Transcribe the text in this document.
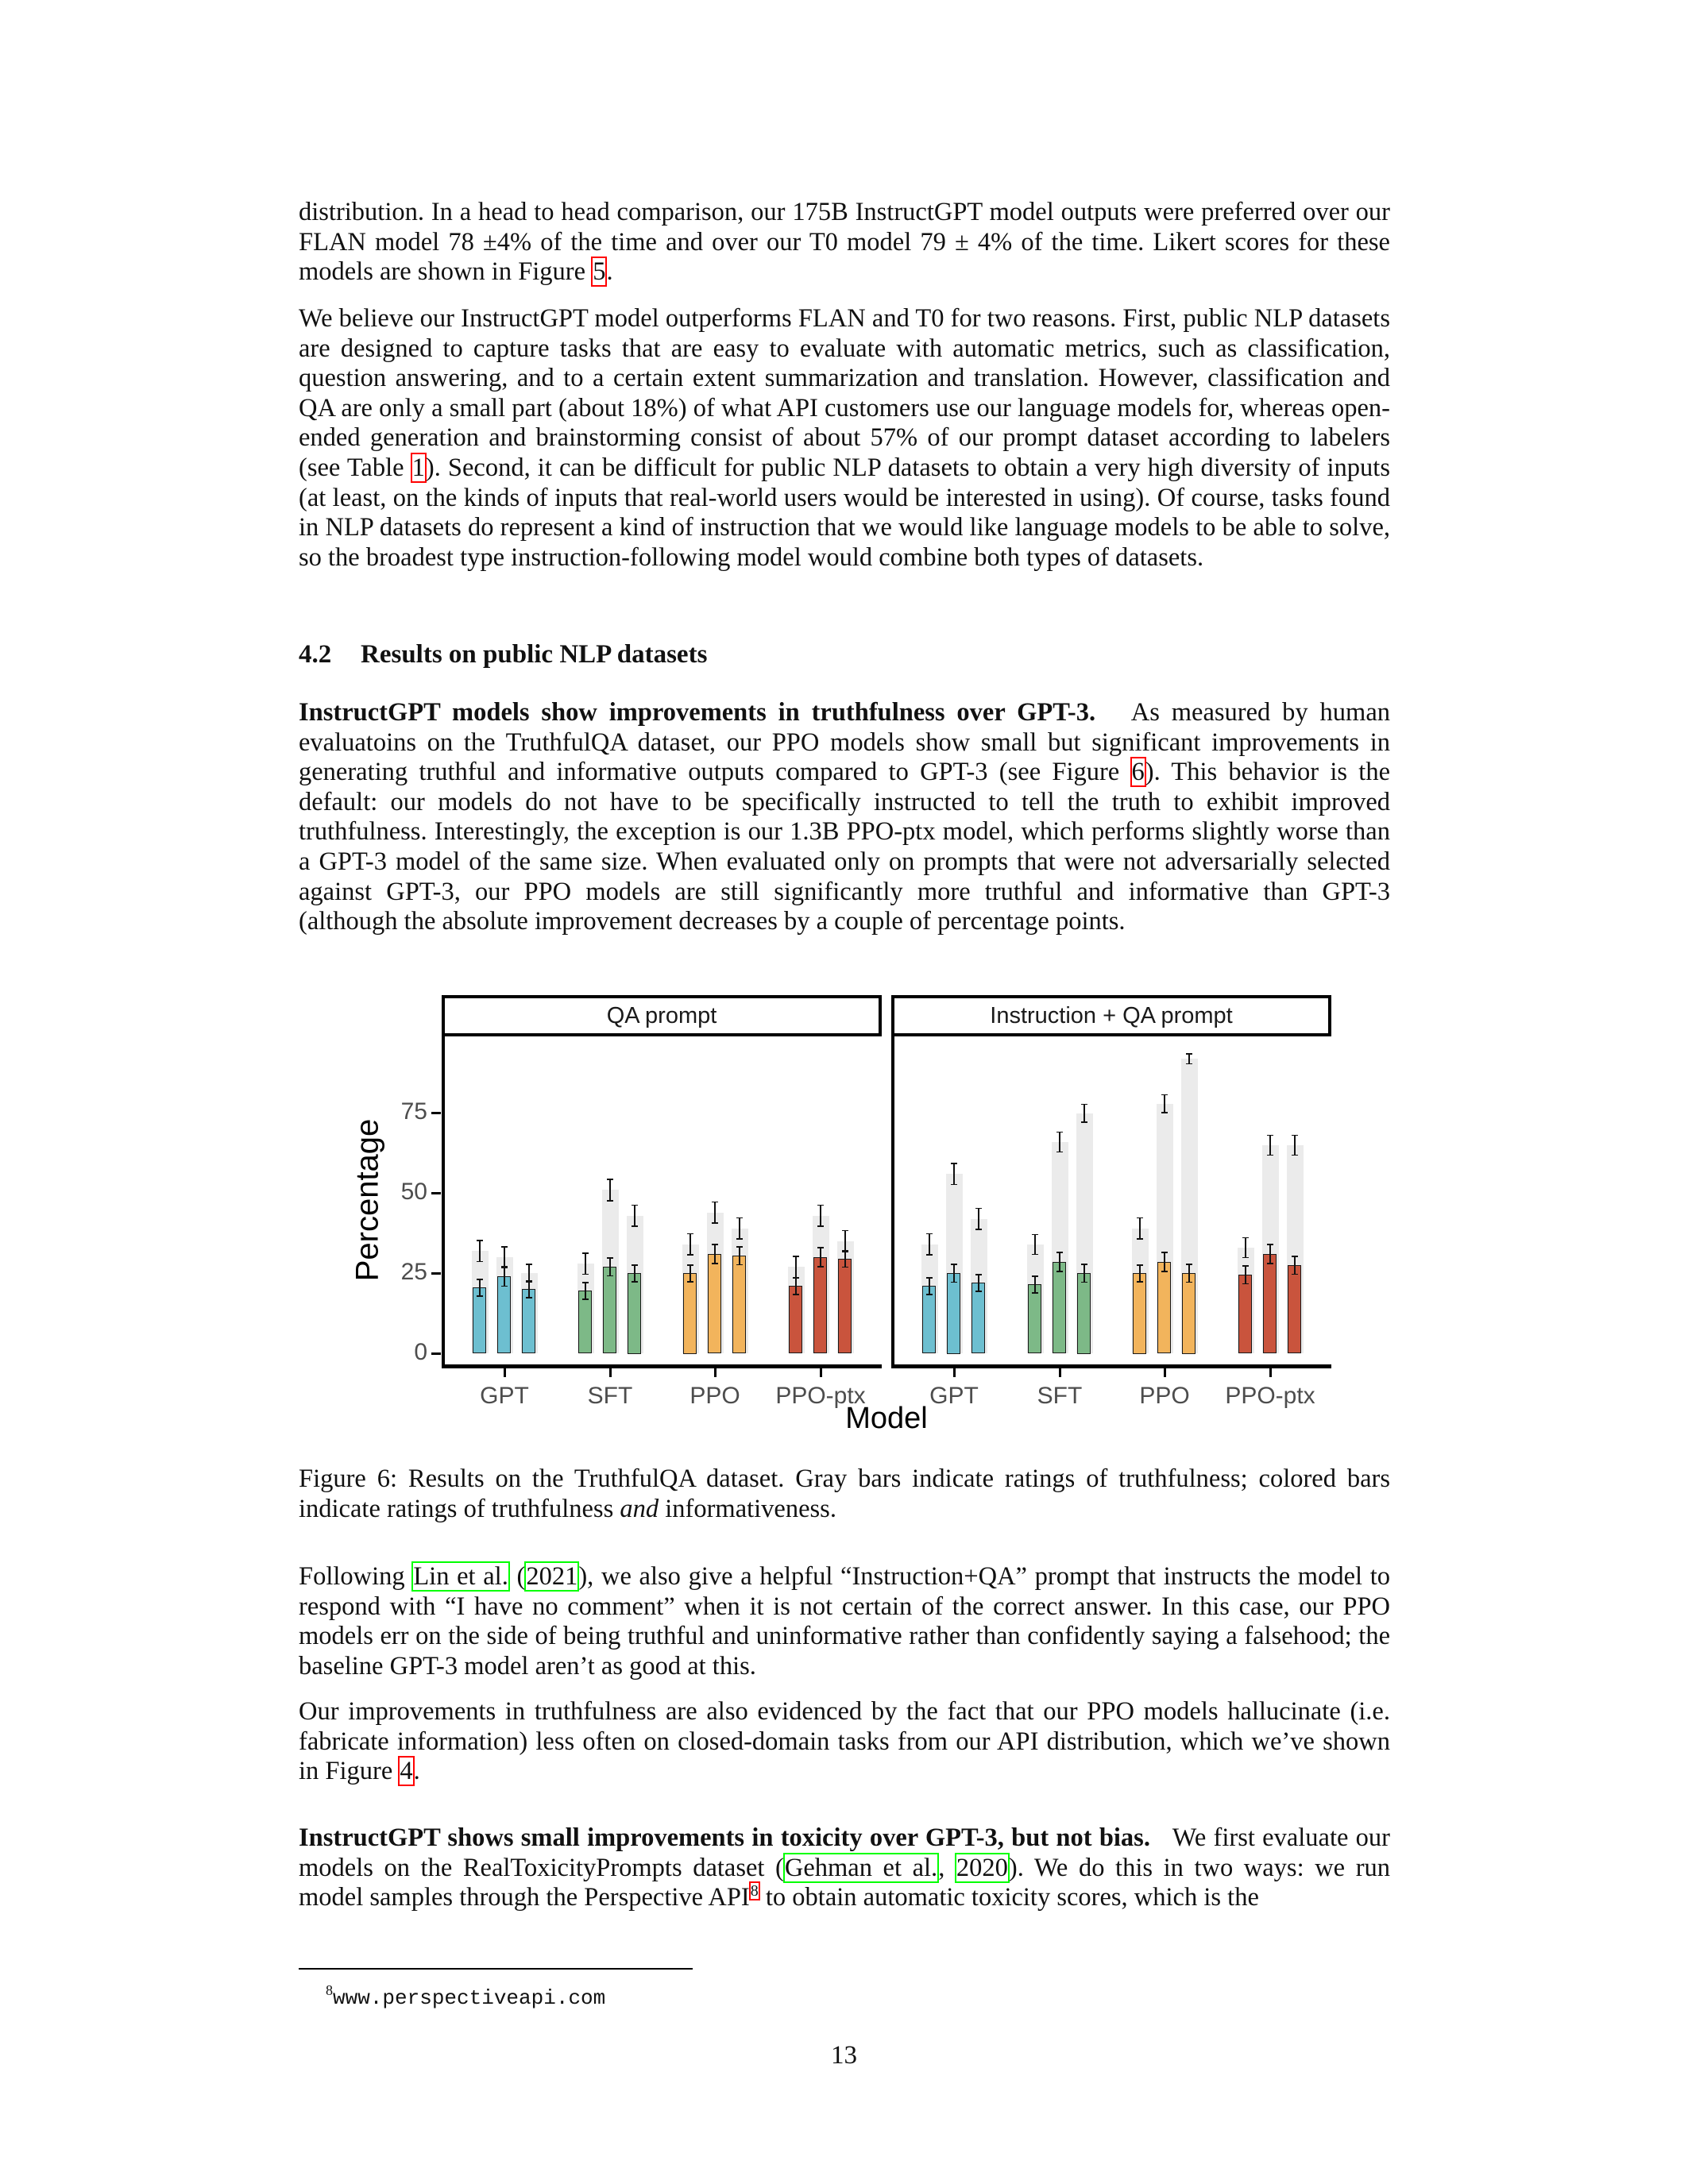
distribution. In a head to head comparison, our 175B InstructGPT model outputs were preferred over our FLAN model 78 ±4% of the time and over our T0 model 79 ± 4% of the time. Likert scores for these models are shown in Figure 5.
We believe our InstructGPT model outperforms FLAN and T0 for two reasons. First, public NLP datasets are designed to capture tasks that are easy to evaluate with automatic metrics, such as classification, question answering, and to a certain extent summarization and translation. However, classification and QA are only a small part (about 18%) of what API customers use our language models for, whereas open-ended generation and brainstorming consist of about 57% of our prompt dataset according to labelers (see Table 1). Second, it can be difficult for public NLP datasets to obtain a very high diversity of inputs (at least, on the kinds of inputs that real-world users would be interested in using). Of course, tasks found in NLP datasets do represent a kind of instruction that we would like language models to be able to solve, so the broadest type instruction-following model would combine both types of datasets.
4.2 Results on public NLP datasets
InstructGPT models show improvements in truthfulness over GPT-3. As measured by human evaluatoins on the TruthfulQA dataset, our PPO models show small but significant improvements in generating truthful and informative outputs compared to GPT-3 (see Figure 6). This behavior is the default: our models do not have to be specifically instructed to tell the truth to exhibit improved truthfulness. Interestingly, the exception is our 1.3B PPO-ptx model, which performs slightly worse than a GPT-3 model of the same size. When evaluated only on prompts that were not adversarially selected against GPT-3, our PPO models are still significantly more truthful and informative than GPT-3 (although the absolute improvement decreases by a couple of percentage points.
Percentage
0
25
50
75
QA prompt
GPT SFT PPO PPO-ptx
Instruction + QA prompt
GPT SFT PPO PPO-ptx
Model
Figure 6: Results on the TruthfulQA dataset. Gray bars indicate ratings of truthfulness; colored bars indicate ratings of truthfulness and informativeness.
Following Lin et al. (2021), we also give a helpful “Instruction+QA” prompt that instructs the model to respond with “I have no comment” when it is not certain of the correct answer. In this case, our PPO models err on the side of being truthful and uninformative rather than confidently saying a falsehood; the baseline GPT-3 model aren’t as good at this.
Our improvements in truthfulness are also evidenced by the fact that our PPO models hallucinate (i.e. fabricate information) less often on closed-domain tasks from our API distribution, which we’ve shown in Figure 4.
InstructGPT shows small improvements in toxicity over GPT-3, but not bias. We first evaluate our models on the RealToxicityPrompts dataset (Gehman et al., 2020). We do this in two ways: we run model samples through the Perspective API$^8$ to obtain automatic toxicity scores, which is the
$^8$www.perspectiveapi.com
13
